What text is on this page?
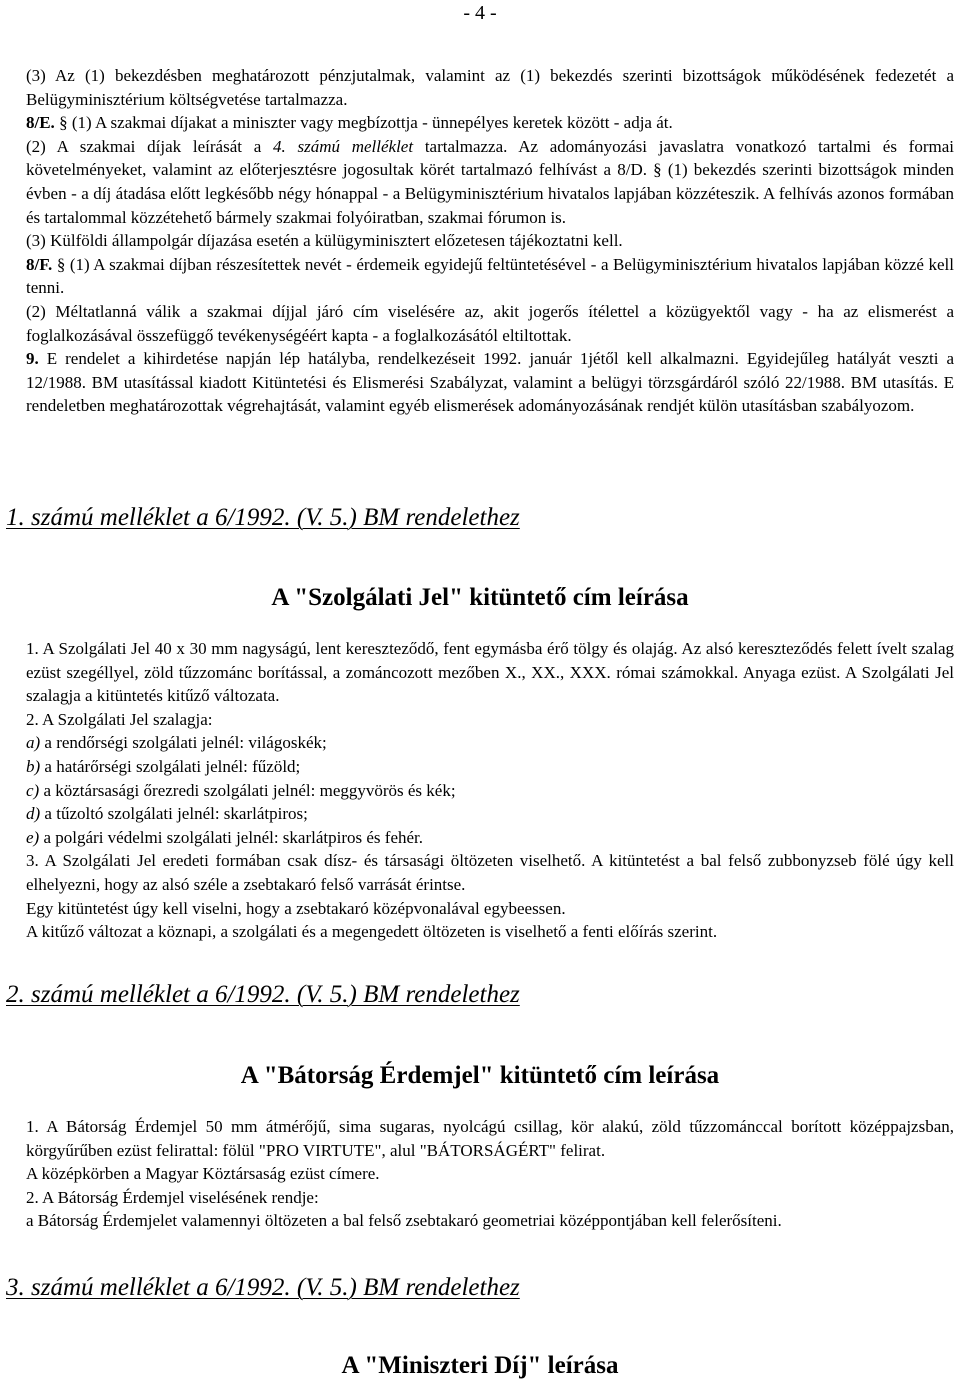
- 4 -

(3) Az (1) bekezdésben meghatározott pénzjutalmak, valamint az (1) bekezdés szerinti bizottságok működésének fedezetét a Belügyminisztérium költségvetése tartalmazza.

8/E. § (1) A szakmai díjakat a miniszter vagy megbízottja - ünnepélyes keretek között - adja át.

(2) A szakmai díjak leírását a 4. számú melléklet tartalmazza. Az adományozási javaslatra vonatkozó tartalmi és formai követelményeket, valamint az előterjesztésre jogosultak körét tartalmazó felhívást a 8/D. § (1) bekezdés szerinti bizottságok minden évben - a díj átadása előtt legkésőbb négy hónappal - a Belügyminisztérium hivatalos lapjában közzéteszik. A felhívás azonos formában és tartalommal közzétehető bármely szakmai folyóiratban, szakmai fórumon is.

(3) Külföldi állampolgár díjazása esetén a külügyminisztert előzetesen tájékoztatni kell.

8/F. § (1) A szakmai díjban részesítettek nevét - érdemeik egyidejű feltüntetésével - a Belügyminisztérium hivatalos lapjában közzé kell tenni.

(2) Méltatlanná válik a szakmai díjjal járó cím viselésére az, akit jogerős ítélettel a közügyektől vagy - ha az elismerést a foglalkozásával összefüggő tevékenységéért kapta - a foglalkozásától eltiltottak.

9. E rendelet a kihirdetése napján lép hatályba, rendelkezéseit 1992. január 1jétől kell alkalmazni. Egyidejűleg hatályát veszti a 12/1988. BM utasítással kiadott Kitüntetési és Elismerési Szabályzat, valamint a belügyi törzsgárdáról szóló 22/1988. BM utasítás. E rendeletben meghatározottak végrehajtását, valamint egyéb elismerések adományozásának rendjét külön utasításban szabályozom.

1. számú melléklet a 6/1992. (V. 5.) BM rendelethez
A "Szolgálati Jel" kitüntető cím leírása

1. A Szolgálati Jel 40 x 30 mm nagyságú, lent kereszteződő, fent egymásba érő tölgy és olajág. Az alsó kereszteződés felett ívelt szalag ezüst szegéllyel, zöld tűzzománc borítással, a zománcozott mezőben X., XX., XXX. római számokkal. Anyaga ezüst. A Szolgálati Jel szalagja a kitüntetés kitűző változata.

2. A Szolgálati Jel szalagja:

a) a rendőrségi szolgálati jelnél: világoskék;

b) a határőrségi szolgálati jelnél: fűzöld;

c) a köztársasági őrezredi szolgálati jelnél: meggyvörös és kék;

d) a tűzoltó szolgálati jelnél: skarlátpiros;

e) a polgári védelmi szolgálati jelnél: skarlátpiros és fehér.

3. A Szolgálati Jel eredeti formában csak dísz- és társasági öltözeten viselhető. A kitüntetést a bal felső zubbonyzseb fölé úgy kell elhelyezni, hogy az alsó széle a zsebtakaró felső varrását érintse.

Egy kitüntetést úgy kell viselni, hogy a zsebtakaró középvonalával egybeessen.

A kitűző változat a köznapi, a szolgálati és a megengedett öltözeten is viselhető a fenti előírás szerint.

2. számú melléklet a 6/1992. (V. 5.) BM rendelethez
A "Bátorság Érdemjel" kitüntető cím leírása

1. A Bátorság Érdemjel 50 mm átmérőjű, sima sugaras, nyolcágú csillag, kör alakú, zöld tűzzománccal borított középpajzsban, körgyűrűben ezüst felirattal: fölül "PRO VIRTUTE", alul "BÁTORSÁGÉRT" felirat.

A középkörben a Magyar Köztársaság ezüst címere.

2. A Bátorság Érdemjel viselésének rendje:

a Bátorság Érdemjelet valamennyi öltözeten a bal felső zsebtakaró geometriai középpontjában kell felerősíteni.

3. számú melléklet a 6/1992. (V. 5.) BM rendelethez
A "Miniszteri Díj" leírása
